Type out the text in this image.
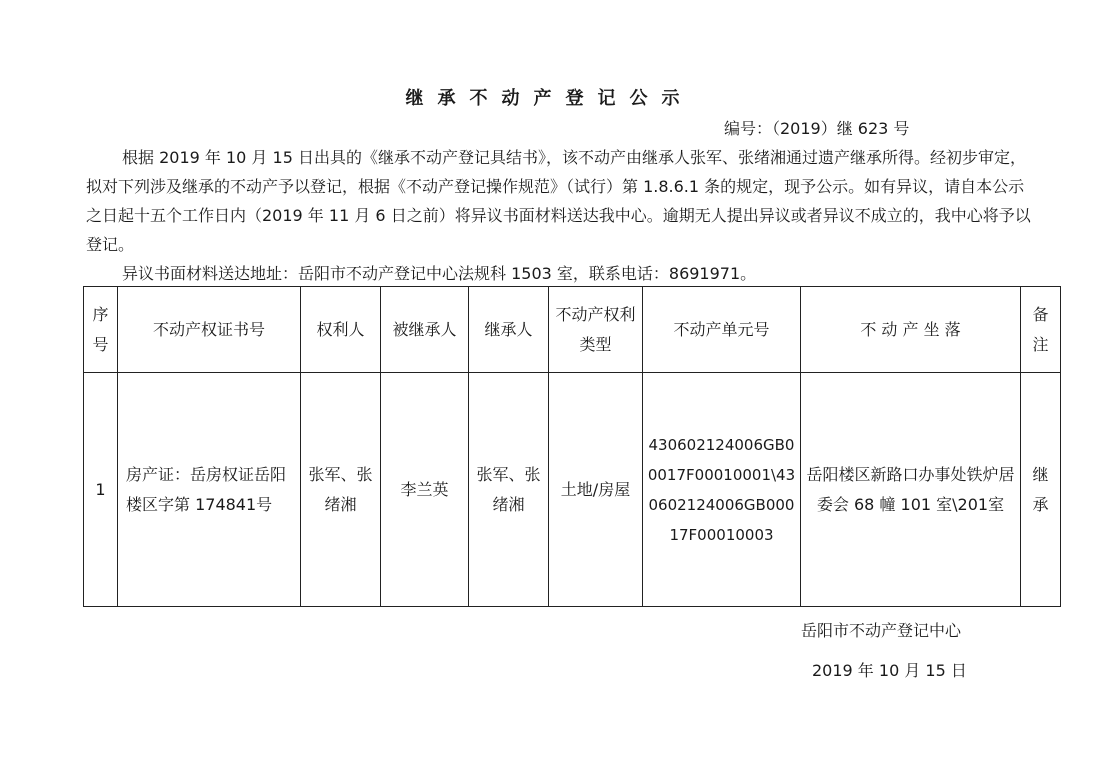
继承不动产登记公示
编号：（2019）继 623 号
根据 2019 年 10 月 15 日出具的《继承不动产登记具结书》，该不动产由继承人张军、张绪湘通过遗产继承所得。经初步审定， 拟对下列涉及继承的不动产予以登记，根据《不动产登记操作规范》（试行）第 1.8.6.1 条的规定，现予公示。如有异议，请自本公示之日起十五个工作日内（2019 年 11 月 6 日之前）将异议书面材料送达我中心。逾期无人提出异议或者异议不成立的，我中心将予以登记。
异议书面材料送达地址：岳阳市不动产登记中心法规科 1503 室，联系电话：8691971。
序号	不动产权证书号	权利人	被继承人	继承人	不动产权利类型	不动产单元号	不 动 产 坐 落	备注
1	房产证：岳房权证岳阳楼区字第 174841号	张军、张绪湘	李兰英	张军、张绪湘	土地/房屋	430602124006GB00017F00010001\430602124006GB00017F00010003	岳阳楼区新路口办事处铁炉居委会 68 幢 101 室\201室	继承
岳阳市不动产登记中心
2019 年 10 月 15 日
